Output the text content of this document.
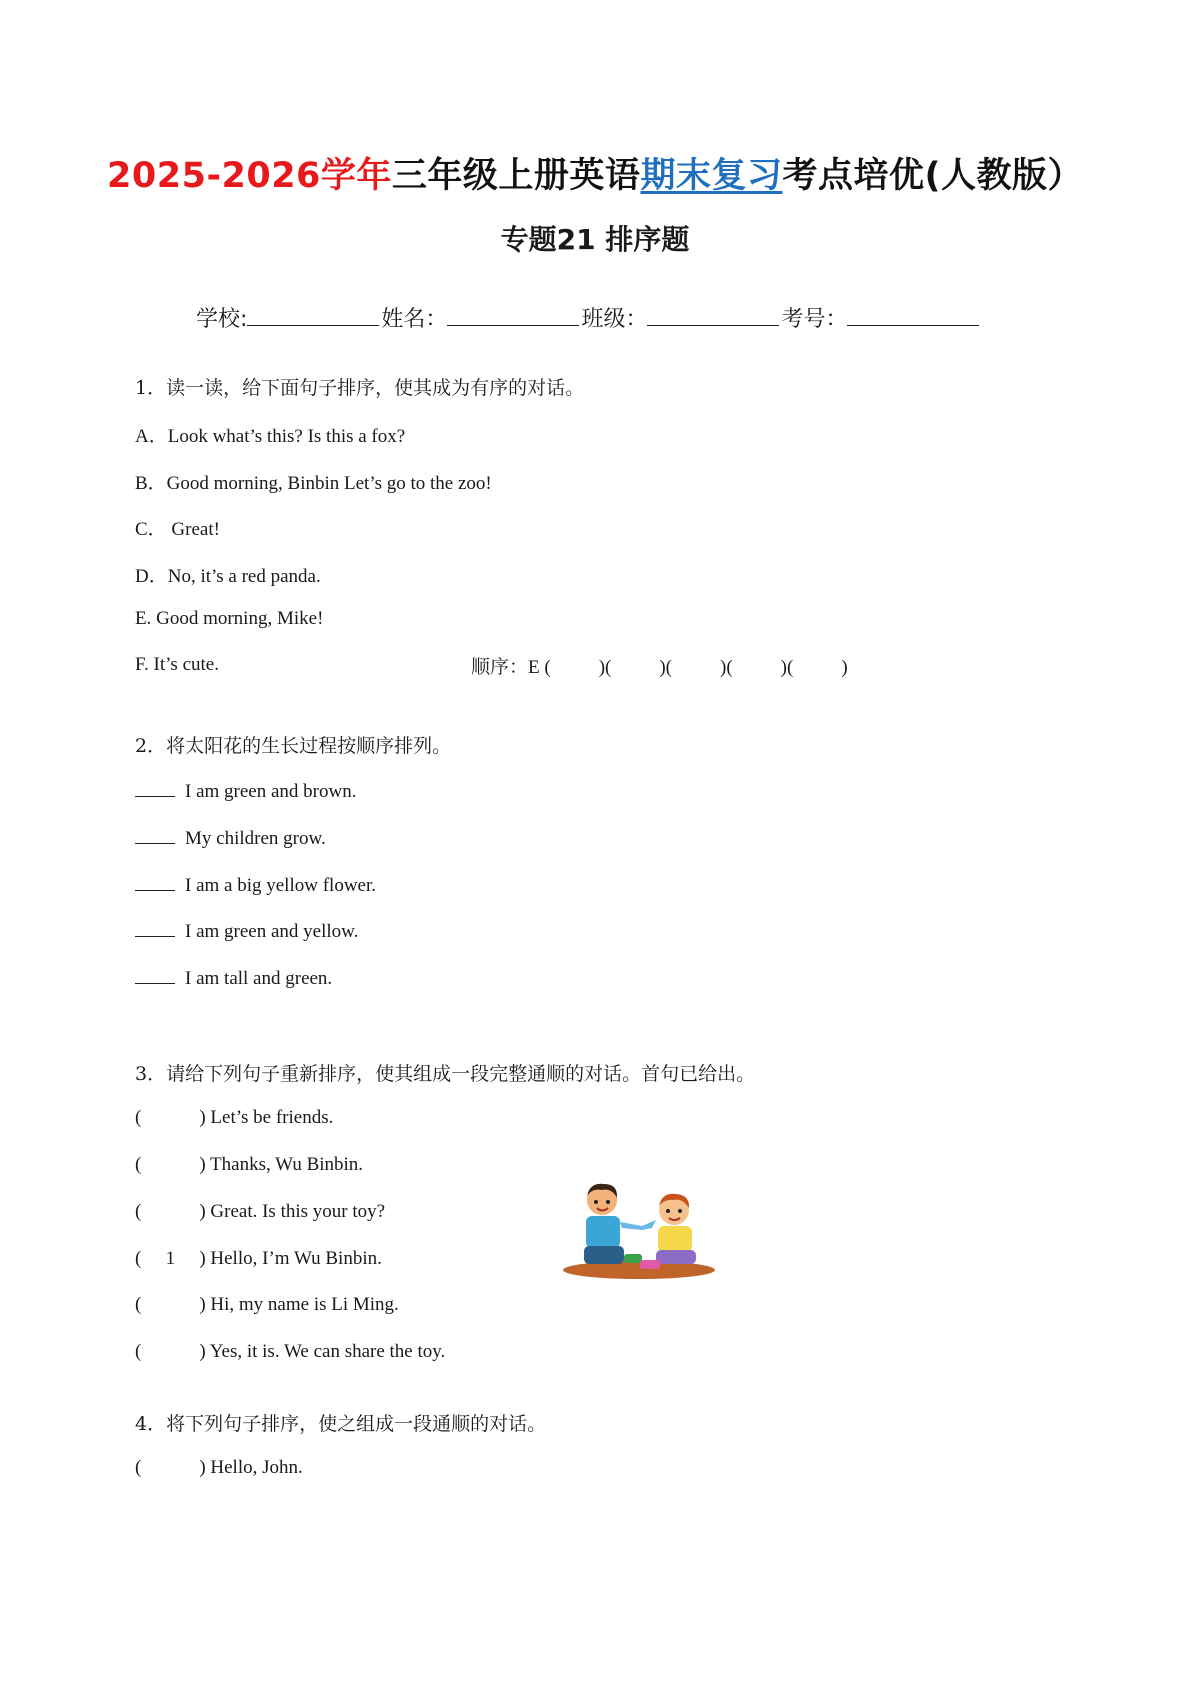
2025-2026学年三年级上册英语期末复习考点培优(人教版）
专题21 排序题
学校:	姓名：	班级：	考号：
1．读一读，给下面句子排序，使其成为有序的对话。
A．Look what’s this? Is this a fox?
B．Good morning, Binbin Let’s go to the zoo!
C． Great!
D．No, it’s a red panda.
E. Good morning, Mike!
F. It’s cute.	顺序：E (	)(	)(	)(	)(	)
2．将太阳花的生长过程按顺序排列。
I am green and brown.
My children grow.
I am a big yellow flower.
I am green and yellow.
I am tall and green.
3．请给下列句子重新排序，使其组成一段完整通顺的对话。首句已给出。
(	) Let’s be friends.
(	) Thanks, Wu Binbin.
(	) Great. Is this your toy?
( 1 ) Hello, I’m Wu Binbin.
(	) Hi, my name is Li Ming.
(	) Yes, it is. We can share the toy.
4．将下列句子排序，使之组成一段通顺的对话。
(	) Hello, John.
